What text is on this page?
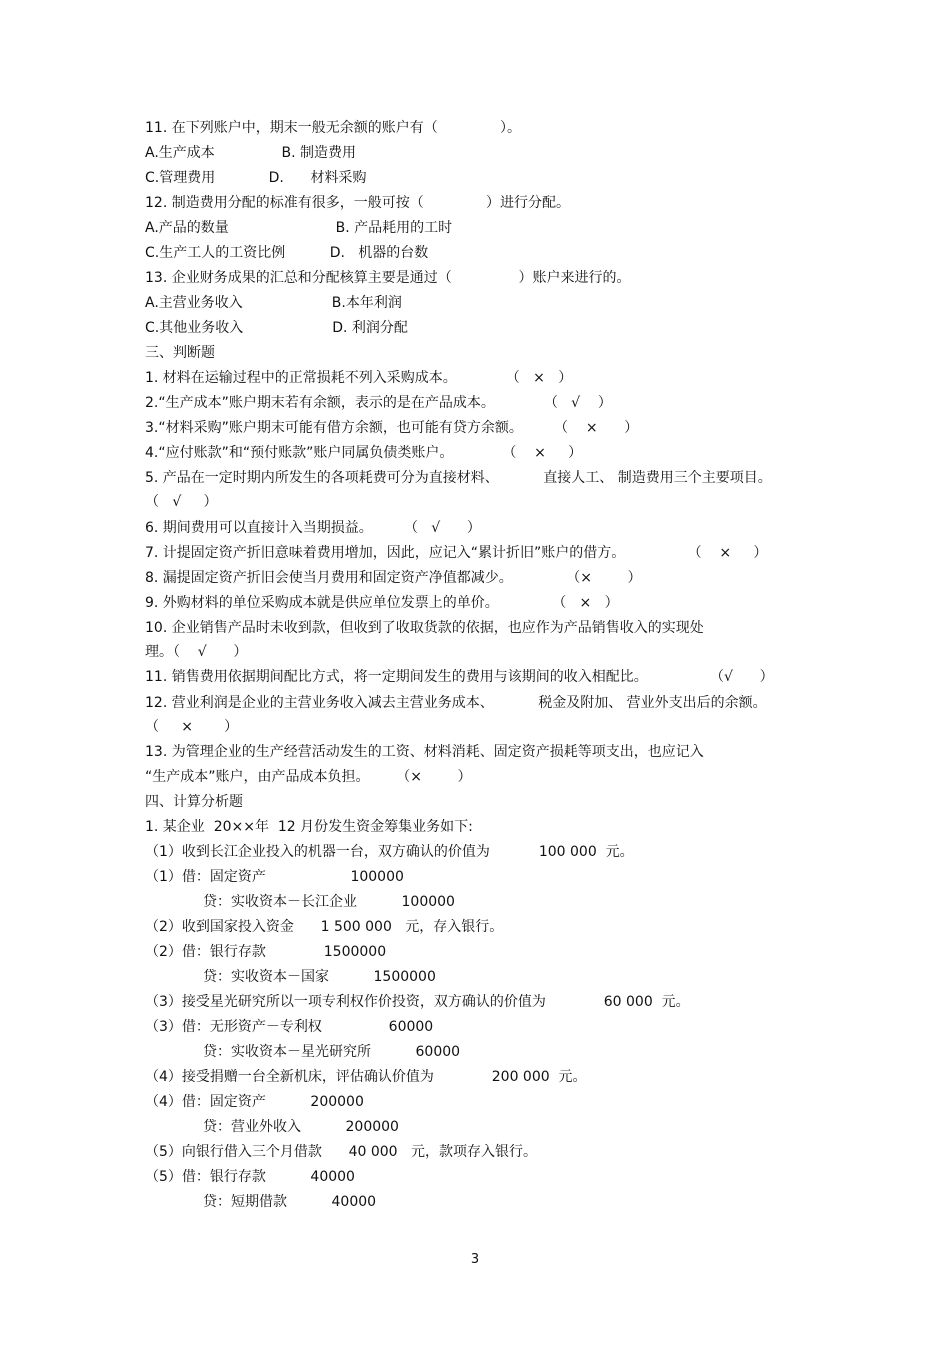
11. 在下列账户中，期末一般无余额的账户有（              ）。

A.生产成本               B. 制造费用

C.管理费用            D.      材料采购

12. 制造费用分配的标准有很多，一般可按（              ）进行分配。

A.产品的数量                        B. 产品耗用的工时

C.生产工人的工资比例          D.   机器的台数

13. 企业财务成果的汇总和分配核算主要是通过（               ）账户来进行的。

A.主营业务收入                    B.本年利润

C.其他业务收入                    D. 利润分配

三、判断题

1. 材料在运输过程中的正常损耗不列入采购成本。           （   ×   ）

2.“生产成本”账户期末若有余额，表示的是在产品成本。           （   √    ）

3.“材料采购”账户期末可能有借方余额，也可能有贷方余额。       （    ×      ）

4.“应付账款”和“预付账款”账户同属负债类账户。           （    ×     ）

5. 产品在一定时期内所发生的各项耗费可分为直接材料、          直接人工、 制造费用三个主要项目。

（   √     ）

6. 期间费用可以直接计入当期损益。       （   √      ）

7. 计提固定资产折旧意味着费用增加，因此，应记入“累计折旧”账户的借方。              （    ×     ）

8. 漏提固定资产折旧会使当月费用和固定资产净值都减少。            （×        ）

9. 外购材料的单位采购成本就是供应单位发票上的单价。            （   ×   ）

10. 企业销售产品时未收到款，但收到了收取货款的依据，也应作为产品销售收入的实现处

理。（    √      ）

11. 销售费用依据期间配比方式，将一定期间发生的费用与该期间的收入相配比。              （√      ）

12. 营业利润是企业的主营业务收入减去主营业务成本、          税金及附加、 营业外支出后的余额。

（     ×       ）

13. 为管理企业的生产经营活动发生的工资、材料消耗、固定资产损耗等项支出，也应记入

“生产成本”账户，由产品成本负担。      （×        ）

四、计算分析题

1. 某企业  20××年  12 月份发生资金筹集业务如下:

（1）收到长江企业投入的机器一台，双方确认的价值为           100 000  元。

（1）借：固定资产                   100000

贷：实收资本－长江企业          100000

（2）收到国家投入资金      1 500 000   元，存入银行。

（2）借：银行存款             1500000

贷：实收资本－国家          1500000

（3）接受星光研究所以一项专利权作价投资，双方确认的价值为             60 000  元。

（3）借：无形资产－专利权               60000

贷：实收资本－星光研究所          60000

（4）接受捐赠一台全新机床，评估确认价值为             200 000  元。

（4）借：固定资产          200000

贷：营业外收入          200000

（5）向银行借入三个月借款      40 000   元，款项存入银行。

（5）借：银行存款          40000

贷：短期借款          40000

3
